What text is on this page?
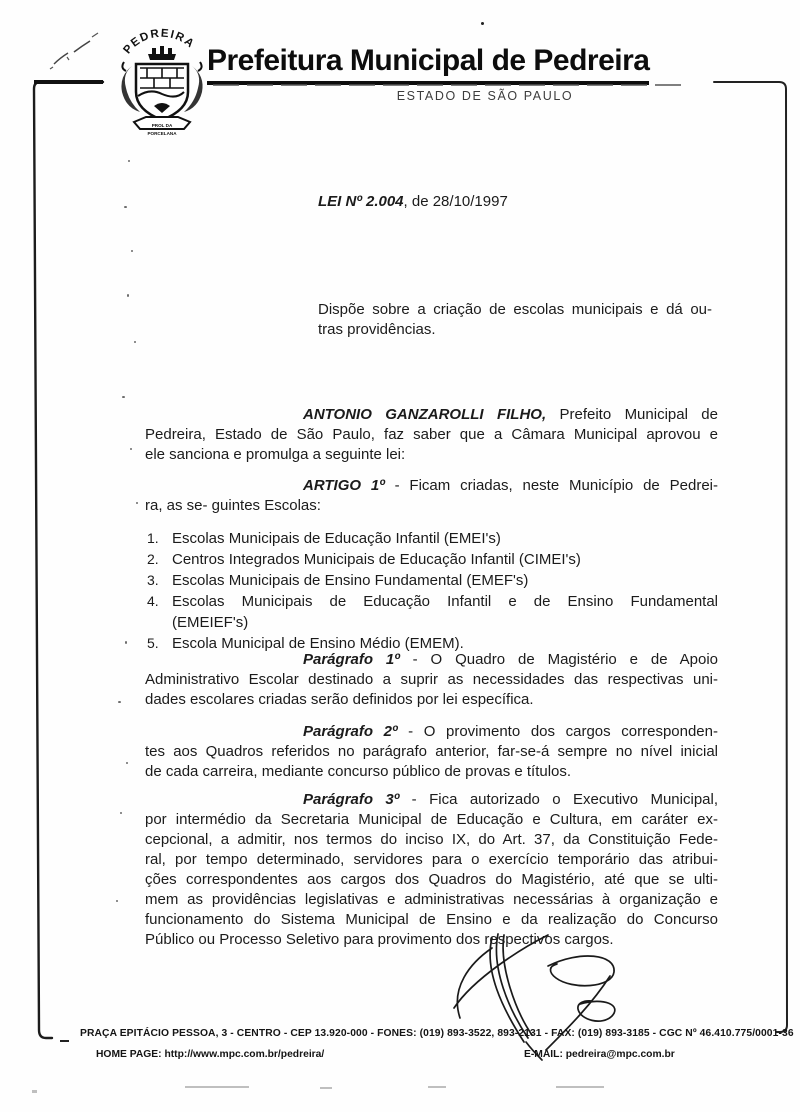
PEDREIRA
PROL DA
PORCELANA
Prefeitura Municipal de Pedreira
ESTADO DE SÃO PAULO
LEI Nº 2.004, de 28/10/1997
Dispõe sobre a criação de escolas municipais e dá ou-
tras providências.
ANTONIO GANZAROLLI FILHO, Prefeito Municipal de
Pedreira, Estado de São Paulo, faz saber que a Câmara Municipal aprovou e
ele sanciona e promulga a seguinte lei:
ARTIGO 1º - Ficam criadas, neste Município de Pedrei-
ra, as se- guintes Escolas:
1. Escolas Municipais de Educação Infantil (EMEI's)
2. Centros Integrados Municipais de Educação Infantil (CIMEI's)
3. Escolas Municipais de Ensino Fundamental (EMEF's)
4. Escolas Municipais de Educação Infantil e de Ensino Fundamental
(EMEIEF's)
5. Escola Municipal de Ensino Médio (EMEM).
Parágrafo 1º - O Quadro de Magistério e de Apoio
Administrativo Escolar destinado a suprir as necessidades das respectivas uni-
dades escolares criadas serão definidos por lei específica.
Parágrafo 2º - O provimento dos cargos corresponden-
tes aos Quadros referidos no parágrafo anterior, far-se-á sempre no nível inicial
de cada carreira, mediante concurso público de provas e títulos.
Parágrafo 3º - Fica autorizado o Executivo Municipal,
por intermédio da Secretaria Municipal de Educação e Cultura, em caráter ex-
cepcional, a admitir, nos termos do inciso IX, do Art. 37, da Constituição Fede-
ral, por tempo determinado, servidores para o exercício temporário das atribui-
ções correspondentes aos cargos dos Quadros do Magistério, até que se ulti-
mem as providências legislativas e administrativas necessárias à organização e
funcionamento do Sistema Municipal de Ensino e da realização do Concurso
Público ou Processo Seletivo para provimento dos respectivos cargos.
PRAÇA EPITÁCIO PESSOA, 3 - CENTRO - CEP 13.920-000 - FONES: (019) 893-3522, 893-2131 - FAX: (019) 893-3185 - CGC Nº 46.410.775/0001-36
HOME PAGE: http://www.mpc.com.br/pedreira/	E-MAIL: pedreira@mpc.com.br
